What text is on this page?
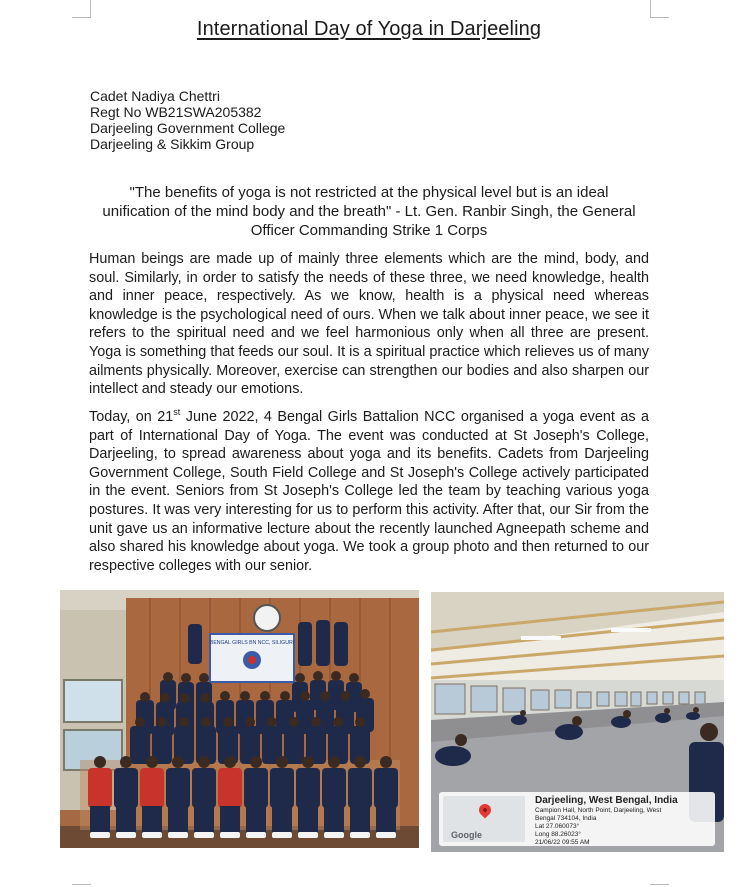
International Day of Yoga in Darjeeling
Cadet Nadiya Chettri
Regt No WB21SWA205382
Darjeeling Government College
Darjeeling & Sikkim Group
"The benefits of yoga is not restricted at the physical level but is an ideal unification of the mind body and the breath" - Lt. Gen. Ranbir Singh, the General Officer Commanding Strike 1 Corps

Human beings are made up of mainly three elements which are the mind, body, and soul. Similarly, in order to satisfy the needs of these three, we need knowledge, health and inner peace, respectively. As we know, health is a physical need whereas knowledge is the psychological need of ours. When we talk about inner peace, we see it refers to the spiritual need and we feel harmonious only when all three are present. Yoga is something that feeds our soul. It is a spiritual practice which relieves us of many ailments physically. Moreover, exercise can strengthen our bodies and also sharpen our intellect and steady our emotions.

Today, on 21st June 2022, 4 Bengal Girls Battalion NCC organised a yoga event as a part of International Day of Yoga. The event was conducted at St Joseph's College, Darjeeling, to spread awareness about yoga and its benefits. Cadets from Darjeeling Government College, South Field College and St Joseph's College actively participated in the event. Seniors from St Joseph's College led the team by teaching various yoga postures. It was very interesting for us to perform this activity. After that, our Sir from the unit gave us an informative lecture about the recently launched Agneepath scheme and also shared his knowledge about yoga. We took a group photo and then returned to our respective colleges with our senior.

BENGAL GIRLS BN NCC, SILIGURI
Google
Darjeeling, West Bengal, India
Campion Hall, North Point, Darjeeling, West
Bengal 734104, India
Lat 27.060073°
Long 88.26023°
21/06/22 09:55 AM
